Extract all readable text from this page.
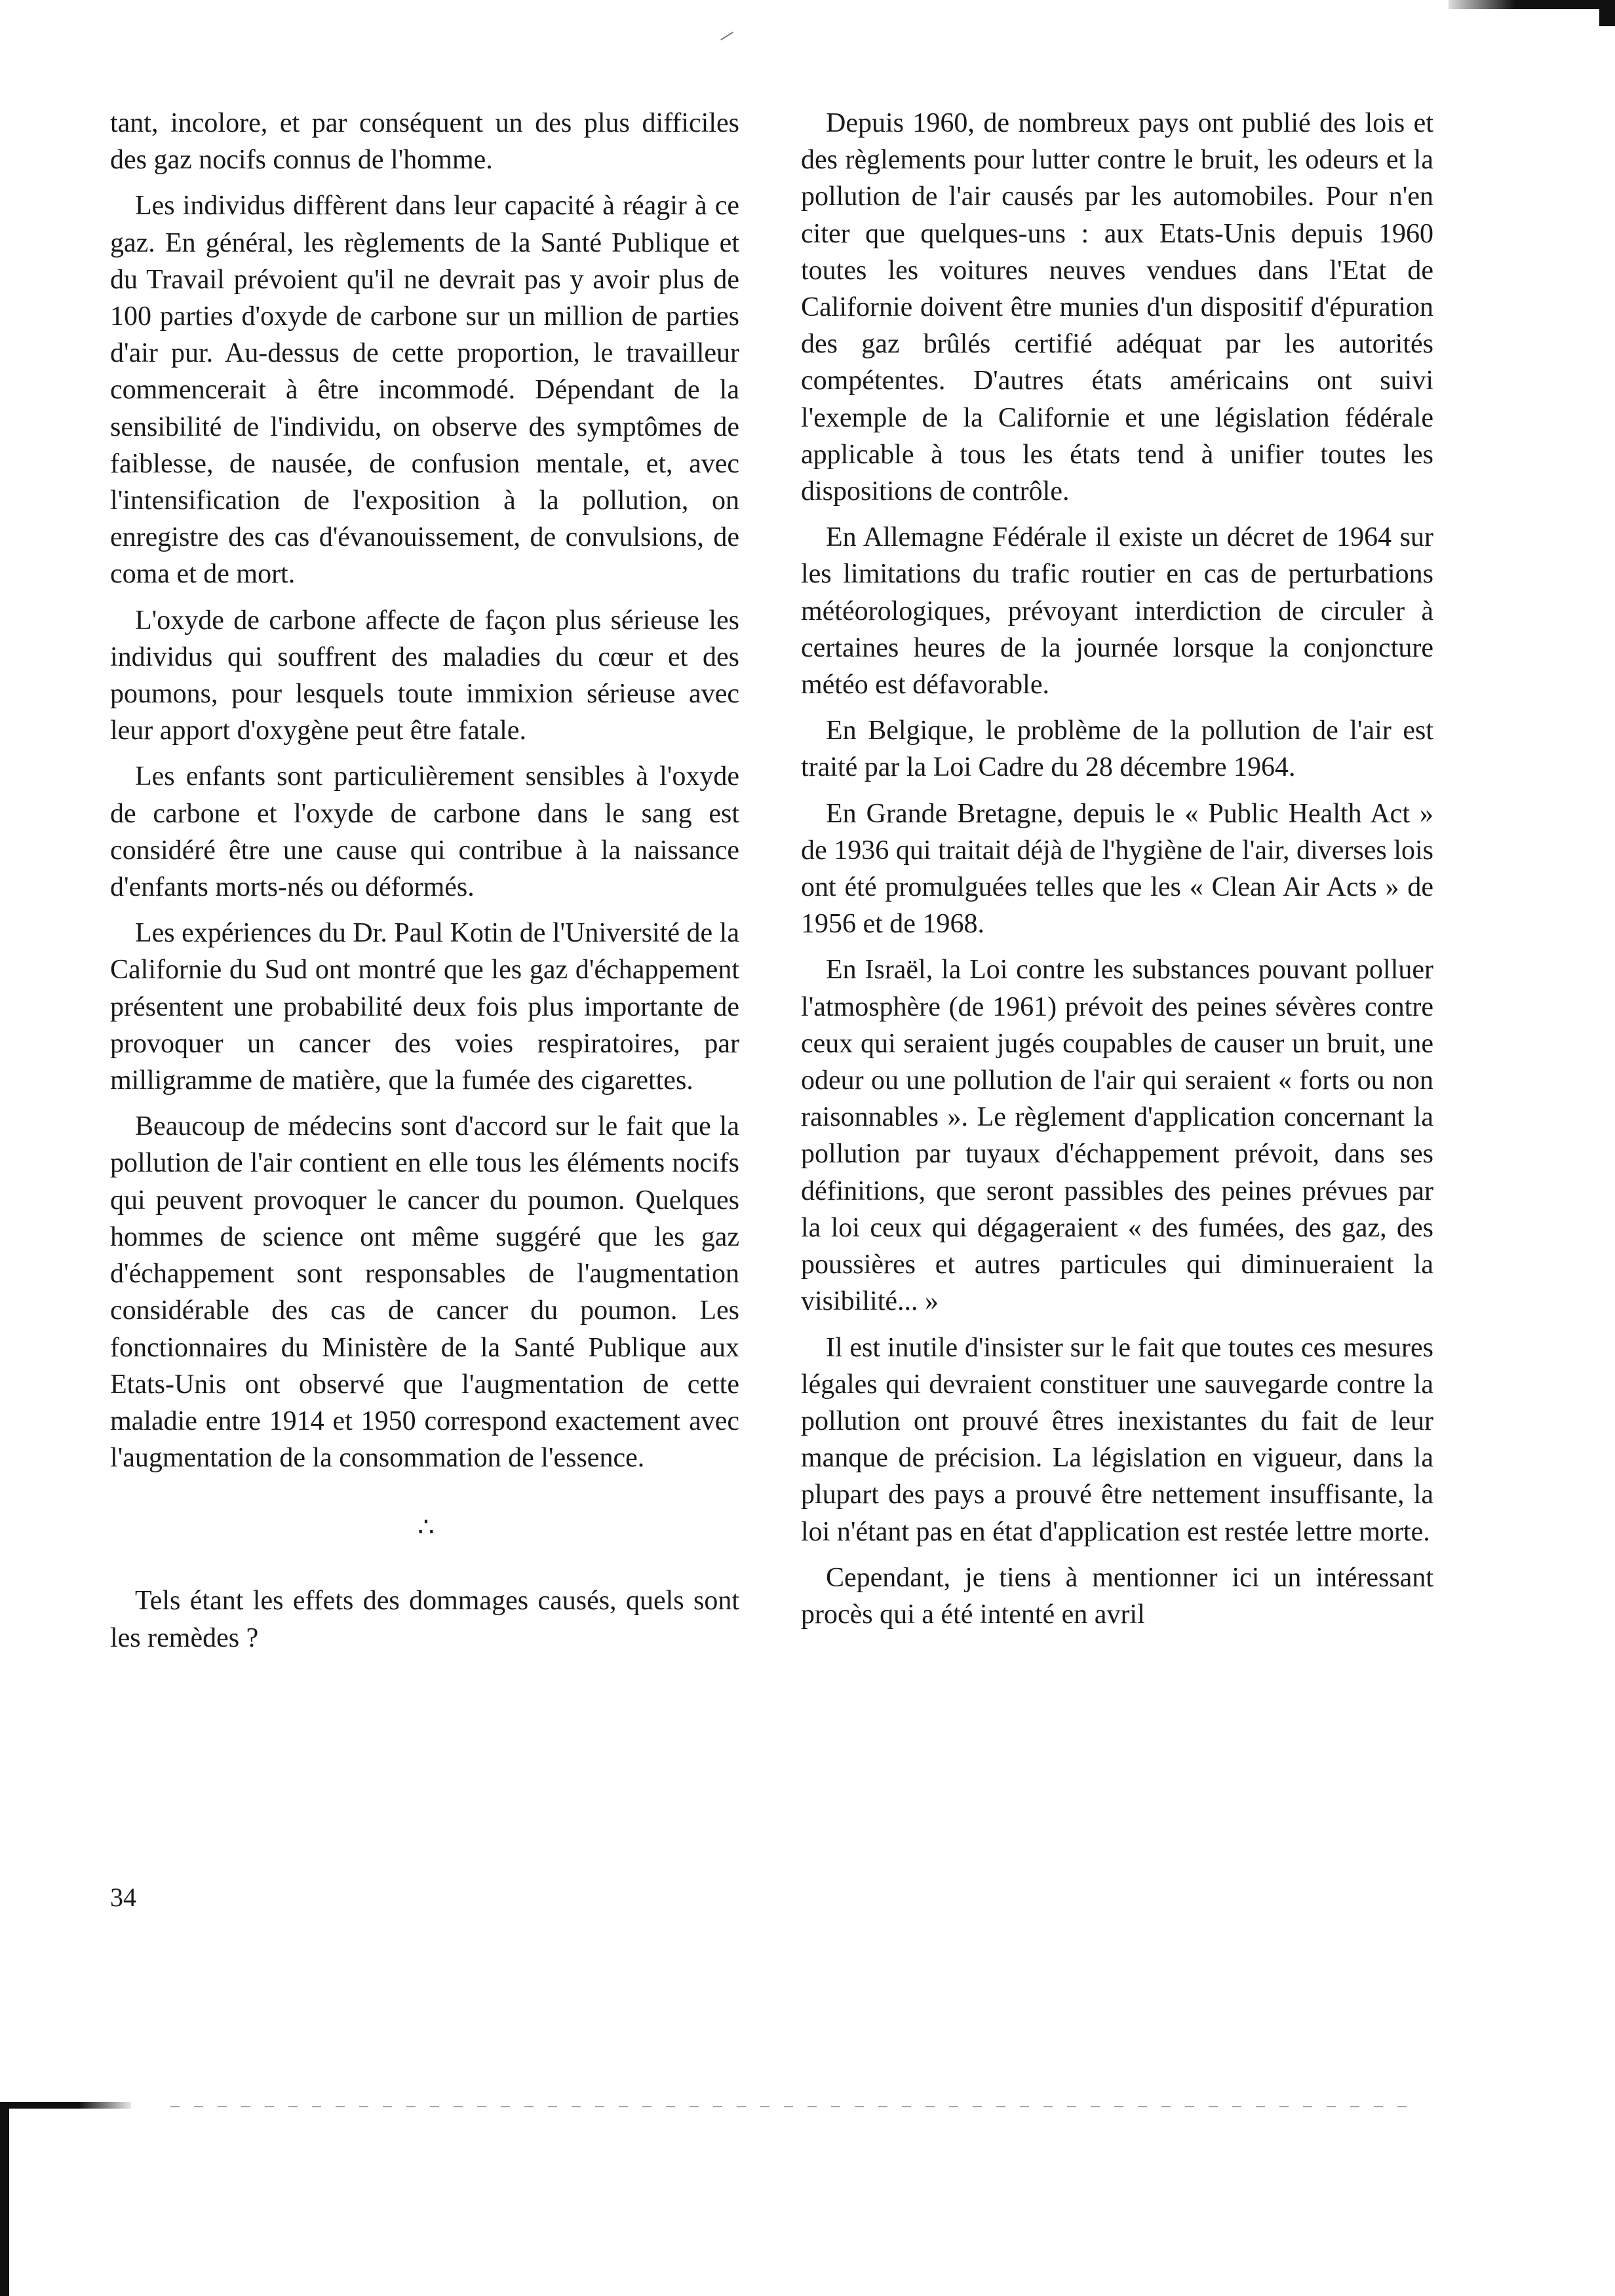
tant, incolore, et par conséquent un des plus difficiles des gaz nocifs connus de l'homme.

Les individus diffèrent dans leur capacité à réagir à ce gaz. En général, les règlements de la Santé Publique et du Travail prévoient qu'il ne devrait pas y avoir plus de 100 parties d'oxyde de carbone sur un million de parties d'air pur. Au-dessus de cette proportion, le travailleur commencerait à être incommodé. Dépendant de la sensibilité de l'individu, on observe des symptômes de faiblesse, de nausée, de confusion mentale, et, avec l'intensification de l'exposition à la pollution, on enregistre des cas d'évanouissement, de convulsions, de coma et de mort.

L'oxyde de carbone affecte de façon plus sérieuse les individus qui souffrent des maladies du cœur et des poumons, pour lesquels toute immixion sérieuse avec leur apport d'oxygène peut être fatale.

Les enfants sont particulièrement sensibles à l'oxyde de carbone et l'oxyde de carbone dans le sang est considéré être une cause qui contribue à la naissance d'enfants morts-nés ou déformés.

Les expériences du Dr. Paul Kotin de l'Université de la Californie du Sud ont montré que les gaz d'échappement présentent une probabilité deux fois plus importante de provoquer un cancer des voies respiratoires, par milligramme de matière, que la fumée des cigarettes.

Beaucoup de médecins sont d'accord sur le fait que la pollution de l'air contient en elle tous les éléments nocifs qui peuvent provoquer le cancer du poumon. Quelques hommes de science ont même suggéré que les gaz d'échappement sont responsables de l'augmentation considérable des cas de cancer du poumon. Les fonctionnaires du Ministère de la Santé Publique aux Etats-Unis ont observé que l'augmentation de cette maladie entre 1914 et 1950 correspond exactement avec l'augmentation de la consommation de l'essence.

∴

Tels étant les effets des dommages causés, quels sont les remèdes ?

Depuis 1960, de nombreux pays ont publié des lois et des règlements pour lutter contre le bruit, les odeurs et la pollution de l'air causés par les automobiles. Pour n'en citer que quelques-uns : aux Etats-Unis depuis 1960 toutes les voitures neuves vendues dans l'Etat de Californie doivent être munies d'un dispositif d'épuration des gaz brûlés certifié adéquat par les autorités compétentes. D'autres états américains ont suivi l'exemple de la Californie et une législation fédérale applicable à tous les états tend à unifier toutes les dispositions de contrôle.

En Allemagne Fédérale il existe un décret de 1964 sur les limitations du trafic routier en cas de perturbations météorologiques, prévoyant interdiction de circuler à certaines heures de la journée lorsque la conjoncture météo est défavorable.

En Belgique, le problème de la pollution de l'air est traité par la Loi Cadre du 28 décembre 1964.

En Grande Bretagne, depuis le « Public Health Act » de 1936 qui traitait déjà de l'hygiène de l'air, diverses lois ont été promulguées telles que les « Clean Air Acts » de 1956 et de 1968.

En Israël, la Loi contre les substances pouvant polluer l'atmosphère (de 1961) prévoit des peines sévères contre ceux qui seraient jugés coupables de causer un bruit, une odeur ou une pollution de l'air qui seraient « forts ou non raisonnables ». Le règlement d'application concernant la pollution par tuyaux d'échappement prévoit, dans ses définitions, que seront passibles des peines prévues par la loi ceux qui dégageraient « des fumées, des gaz, des poussières et autres particules qui diminueraient la visibilité... »

Il est inutile d'insister sur le fait que toutes ces mesures légales qui devraient constituer une sauvegarde contre la pollution ont prouvé êtres inexistantes du fait de leur manque de précision. La législation en vigueur, dans la plupart des pays a prouvé être nettement insuffisante, la loi n'étant pas en état d'application est restée lettre morte.

Cependant, je tiens à mentionner ici un intéressant procès qui a été intenté en avril

34
